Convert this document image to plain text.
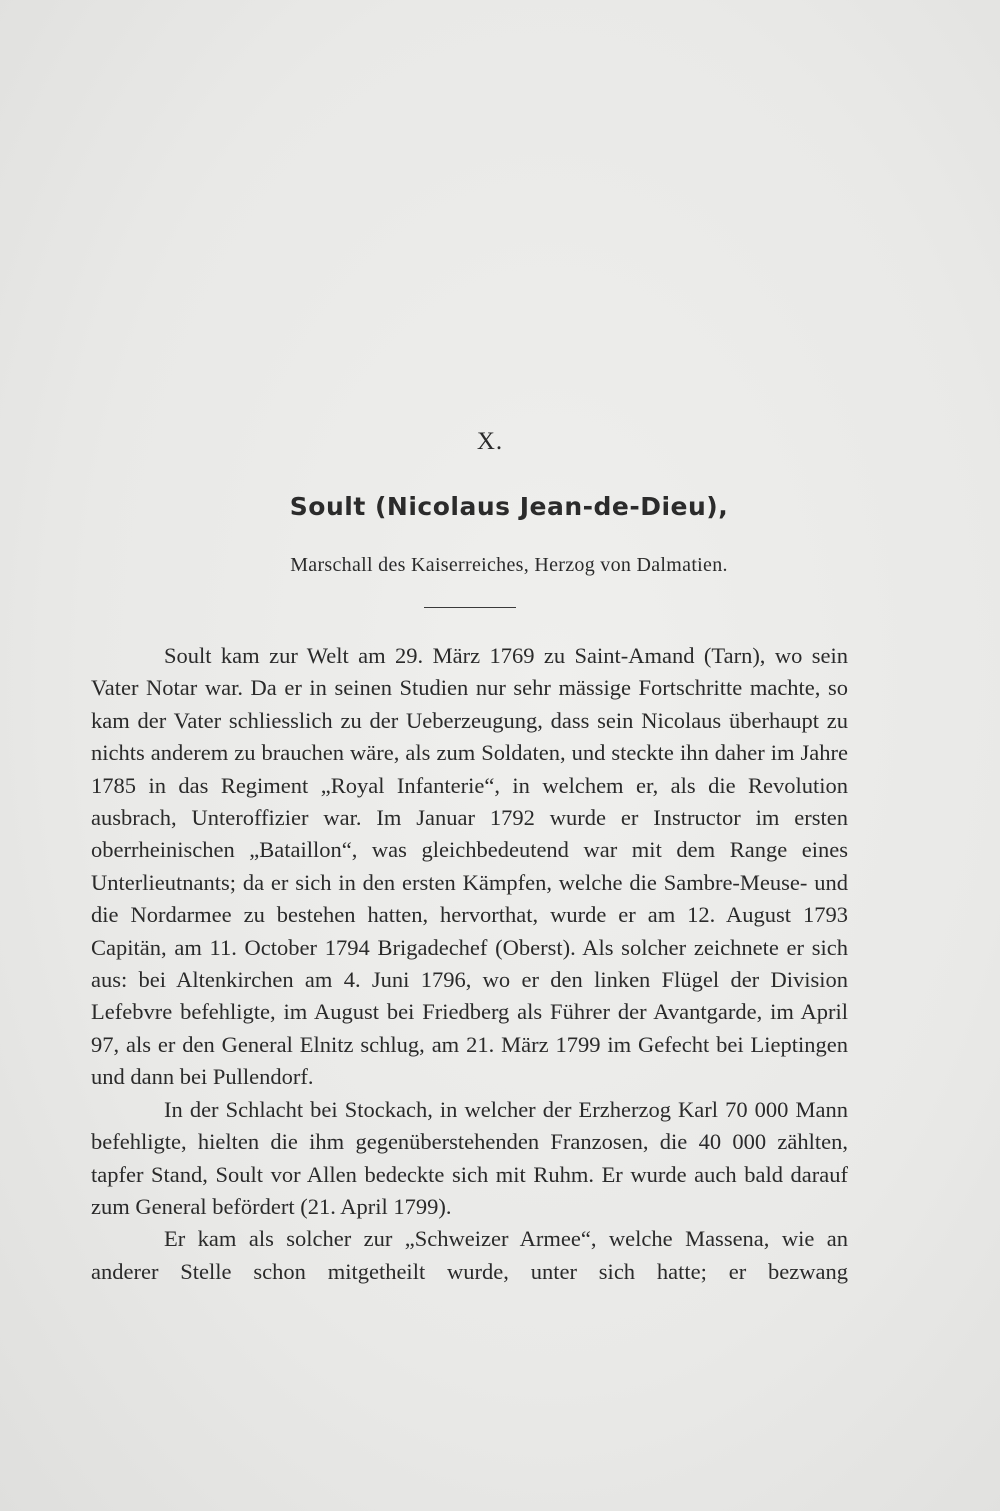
X.
Soult (Nicolaus Jean-de-Dieu),
Marschall des Kaiserreiches, Herzog von Dalmatien.

Soult kam zur Welt am 29. März 1769 zu Saint-Amand (Tarn), wo sein Vater Notar war. Da er in seinen Studien nur sehr mässige Fortschritte machte, so kam der Vater schliesslich zu der Ueberzeugung, dass sein Nicolaus überhaupt zu nichts anderem zu brauchen wäre, als zum Soldaten, und steckte ihn daher im Jahre 1785 in das Regiment „Royal Infanterie“, in welchem er, als die Revolution ausbrach, Unteroffizier war. Im Januar 1792 wurde er Instructor im ersten oberrheinischen „Bataillon“, was gleichbedeutend war mit dem Range eines Unterlieutnants; da er sich in den ersten Kämpfen, welche die Sambre-Meuse- und die Nordarmee zu bestehen hatten, hervorthat, wurde er am 12. August 1793 Capitän, am 11. October 1794 Brigadechef (Oberst). Als solcher zeichnete er sich aus: bei Altenkirchen am 4. Juni 1796, wo er den linken Flügel der Division Lefebvre befehligte, im August bei Friedberg als Führer der Avantgarde, im April 97, als er den General Elnitz schlug, am 21. März 1799 im Gefecht bei Lieptingen und dann bei Pullendorf.

In der Schlacht bei Stockach, in welcher der Erzherzog Karl 70 000 Mann befehligte, hielten die ihm gegenüberstehenden Franzosen, die 40 000 zählten, tapfer Stand, Soult vor Allen bedeckte sich mit Ruhm. Er wurde auch bald darauf zum General befördert (21. April 1799).

Er kam als solcher zur „Schweizer Armee“, welche Massena, wie an anderer Stelle schon mitgetheilt wurde, unter sich hatte; er bezwang
